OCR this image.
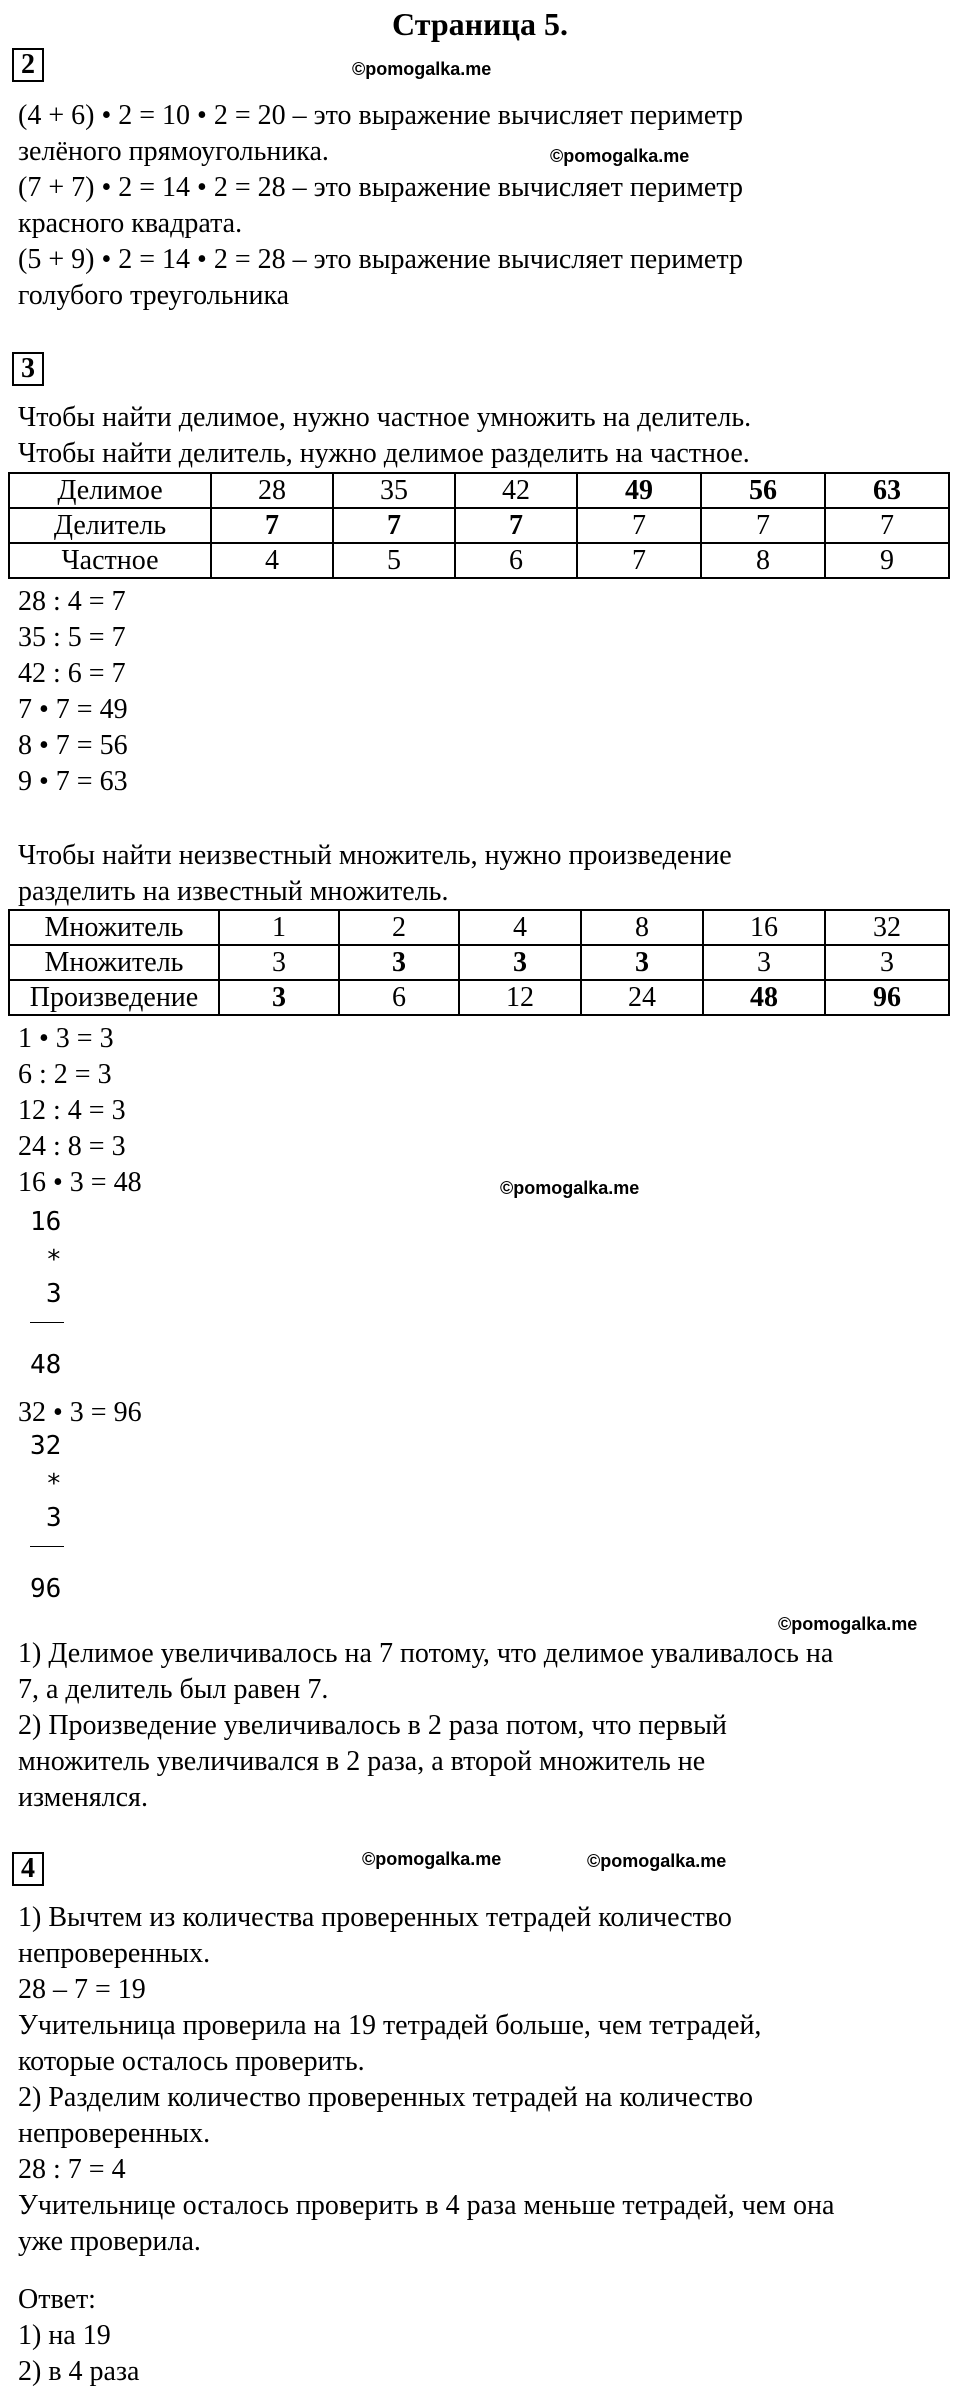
Страница 5.
©pomogalka.me
©pomogalka.me
©pomogalka.me
©pomogalka.me
©pomogalka.me	©pomogalka.me
2
(4 + 6) • 2 = 10 • 2 = 20 – это выражение вычисляет периметр
зелёного прямоугольника.
(7 + 7) • 2 = 14 • 2 = 28 – это выражение вычисляет периметр
красного квадрата.
(5 + 9) • 2 = 14 • 2 = 28 – это выражение вычисляет периметр
голубого треугольника
3
Чтобы найти делимое, нужно частное умножить на делитель.
Чтобы найти делитель, нужно делимое разделить на частное.
Делимое	28	35	42	49	56	63
Делитель	7	7	7	7	7	7
Частное	4	5	6	7	8	9
28 : 4 = 7
35 : 5 = 7
42 : 6 = 7
7 • 7 = 49
8 • 7 = 56
9 • 7 = 63
Чтобы найти неизвестный множитель, нужно произведение
разделить на известный множитель.
Множитель	1	2	4	8	16	32
Множитель	3	3	3	3	3	3
Произведение	3	6	12	24	48	96
1 • 3 = 3
6 : 2 = 3
12 : 4 = 3
24 : 8 = 3
16 • 3 = 48
16
*
3
48
32 • 3 = 96
32
*
3
96
1) Делимое увеличивалось на 7 потому, что делимое увaливалось на
7, а делитель был равен 7.
2) Произведение увеличивалось в 2 раза потом, что первый
множитель увеличивался в 2 раза, а второй множитель не
изменялся.
4
1) Вычтем из количества проверенных тетрадей количество
непроверенных.
28 – 7 = 19
Учительница проверила на 19 тетрадей больше, чем тетрадей,
которые осталось проверить.
2) Разделим количество проверенных тетрадей на количество
непроверенных.
28 : 7 = 4
Учительнице осталось проверить в 4 раза меньше тетрадей, чем она
уже проверила.
Ответ:
1) на 19
2) в 4 раза
